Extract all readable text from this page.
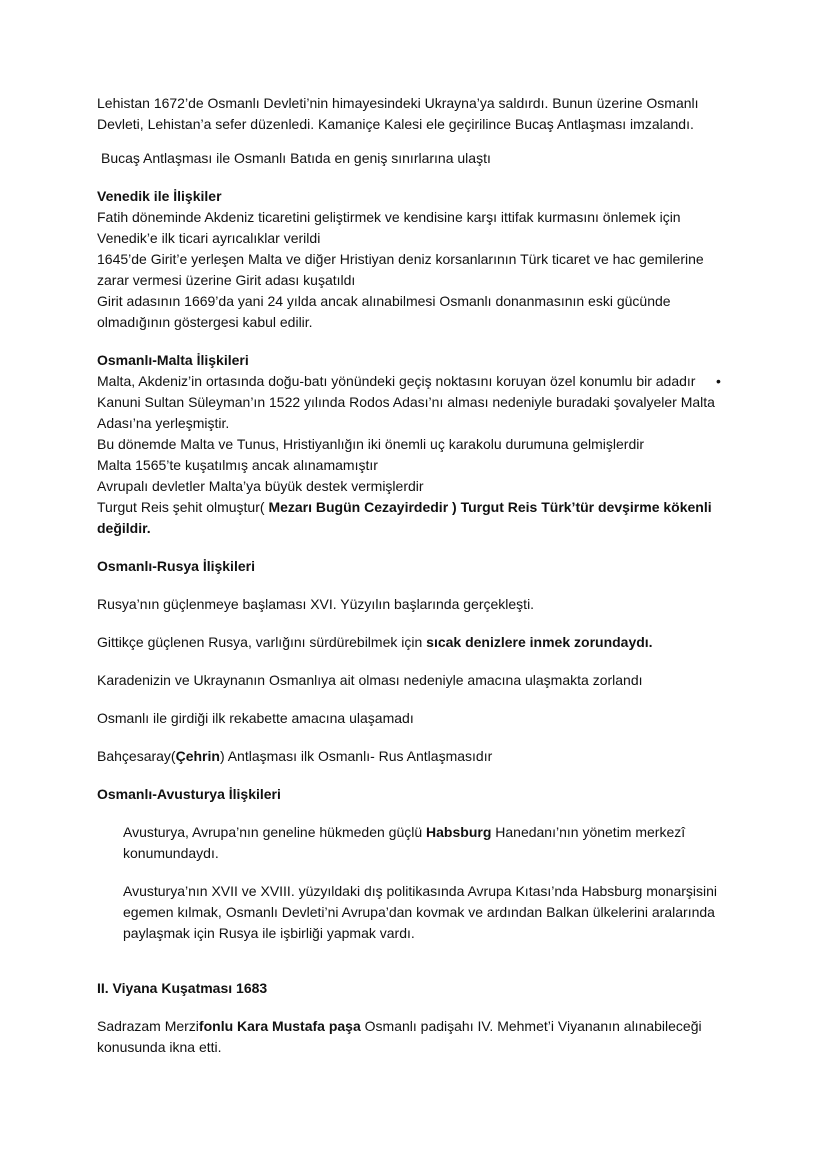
Lehistan 1672’de Osmanlı Devleti’nin himayesindeki Ukrayna’ya saldırdı. Bunun üzerine Osmanlı Devleti, Lehistan’a sefer düzenledi. Kamaniçe Kalesi ele geçirilince Bucaş Antlaşması imzalandı.

Bucaş Antlaşması ile Osmanlı Batıda en geniş sınırlarına ulaştı

Venedik ile İlişkiler

Fatih döneminde Akdeniz ticaretini geliştirmek ve kendisine karşı ittifak kurmasını önlemek için Venedik’e ilk ticari ayrıcalıklar verildi

1645’de Girit’e yerleşen Malta ve diğer Hristiyan deniz korsanlarının Türk ticaret ve hac gemilerine zarar vermesi üzerine Girit adası kuşatıldı

Girit adasının 1669’da yani 24 yılda ancak alınabilmesi Osmanlı donanmasının eski gücünde olmadığının göstergesi kabul edilir.

Osmanlı-Malta İlişkileri

Malta, Akdeniz’in ortasında doğu-batı yönündeki geçiş noktasını koruyan özel konumlu bir adadır •

Kanuni Sultan Süleyman’ın 1522 yılında Rodos Adası’nı alması nedeniyle buradaki şovalyeler Malta Adası’na yerleşmiştir.

Bu dönemde Malta ve Tunus, Hristiyanlığın iki önemli uç karakolu durumuna gelmişlerdir

Malta 1565’te kuşatılmış ancak alınamamıştır

Avrupalı devletler Malta’ya büyük destek vermişlerdir

Turgut Reis şehit olmuştur( Mezarı Bugün Cezayirdedir ) Turgut Reis Türk’tür devşirme kökenli değildir.

Osmanlı-Rusya İlişkileri

Rusya’nın güçlenmeye başlaması XVI. Yüzyılın başlarında gerçekleşti.

Gittikçe güçlenen Rusya, varlığını sürdürebilmek için sıcak denizlere inmek zorundaydı.

Karadenizin ve Ukraynanın Osmanlıya ait olması nedeniyle amacına ulaşmakta zorlandı

Osmanlı ile girdiği ilk rekabette amacına ulaşamadı

Bahçesaray(Çehrin) Antlaşması ilk Osmanlı- Rus Antlaşmasıdır

Osmanlı-Avusturya İlişkileri

Avusturya, Avrupa’nın geneline hükmeden güçlü Habsburg Hanedanı’nın yönetim merkezî konumundaydı.

Avusturya’nın XVII ve XVIII. yüzyıldaki dış politikasında Avrupa Kıtası’nda Habsburg monarşisini egemen kılmak, Osmanlı Devleti’ni Avrupa’dan kovmak ve ardından Balkan ülkelerini aralarında paylaşmak için Rusya ile işbirliği yapmak vardı.

II. Viyana Kuşatması 1683

Sadrazam Merzifonlu Kara Mustafa paşa Osmanlı padişahı IV. Mehmet’i Viyananın alınabileceği konusunda ikna etti.
